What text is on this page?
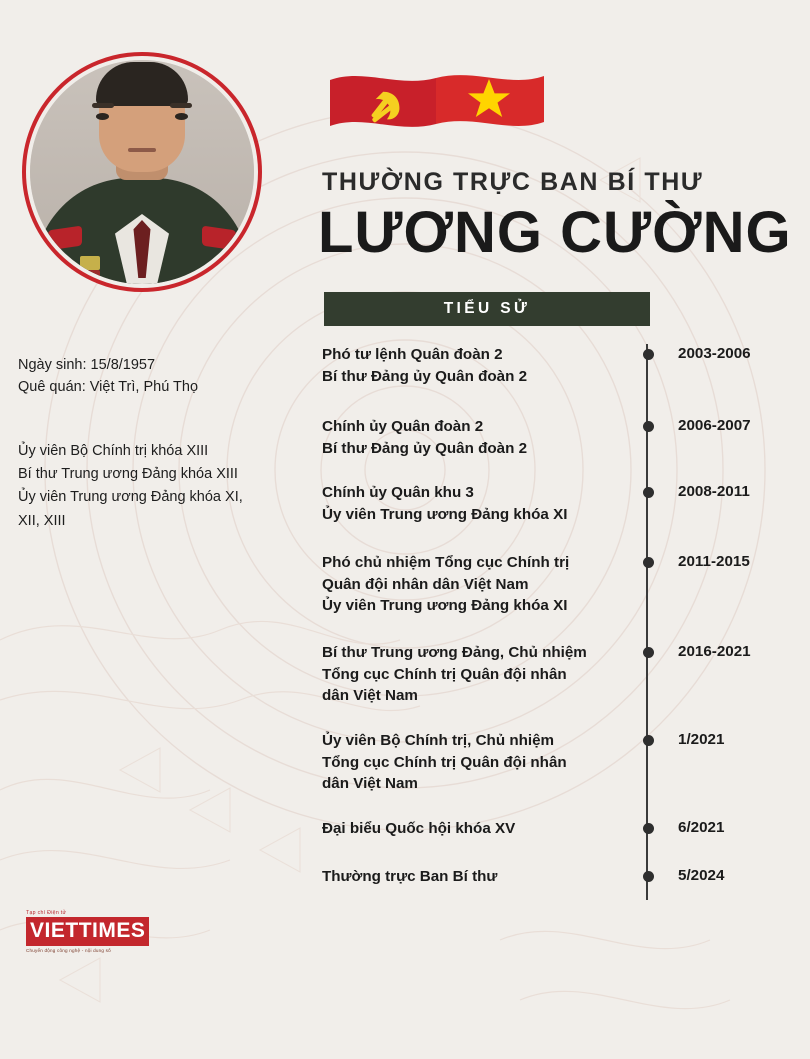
Ngày sinh: 15/8/1957
Quê quán: Việt Trì, Phú Thọ
Ủy viên Bộ Chính trị khóa XIII
Bí thư Trung ương Đảng khóa XIII
Ủy viên Trung ương Đảng khóa XI,
XII, XIII
THƯỜNG TRỰC BAN BÍ THƯ
LƯƠNG CƯỜNG
TIỂU SỬ
Phó tư lệnh Quân đoàn 2
Bí thư Đảng ủy Quân đoàn 2
2003-2006
Chính ủy Quân đoàn 2
Bí thư Đảng ủy Quân đoàn 2
2006-2007
Chính ủy Quân khu 3
Ủy viên Trung ương Đảng khóa XI
2008-2011
Phó chủ nhiệm Tổng cục Chính trị
Quân đội nhân dân Việt Nam
Ủy viên Trung ương Đảng khóa XI
2011-2015
Bí thư Trung ương Đảng, Chủ nhiệm
Tổng cục Chính trị Quân đội nhân
dân Việt Nam
2016-2021
Ủy viên Bộ Chính trị, Chủ nhiệm
Tổng cục Chính trị Quân đội nhân
dân Việt Nam
1/2021
Đại biểu Quốc hội khóa XV	6/2021
Thường trực Ban Bí thư	5/2024
Tạp chí Điện tử
VIETTIMES
Chuyển động công nghệ - nội dung số
